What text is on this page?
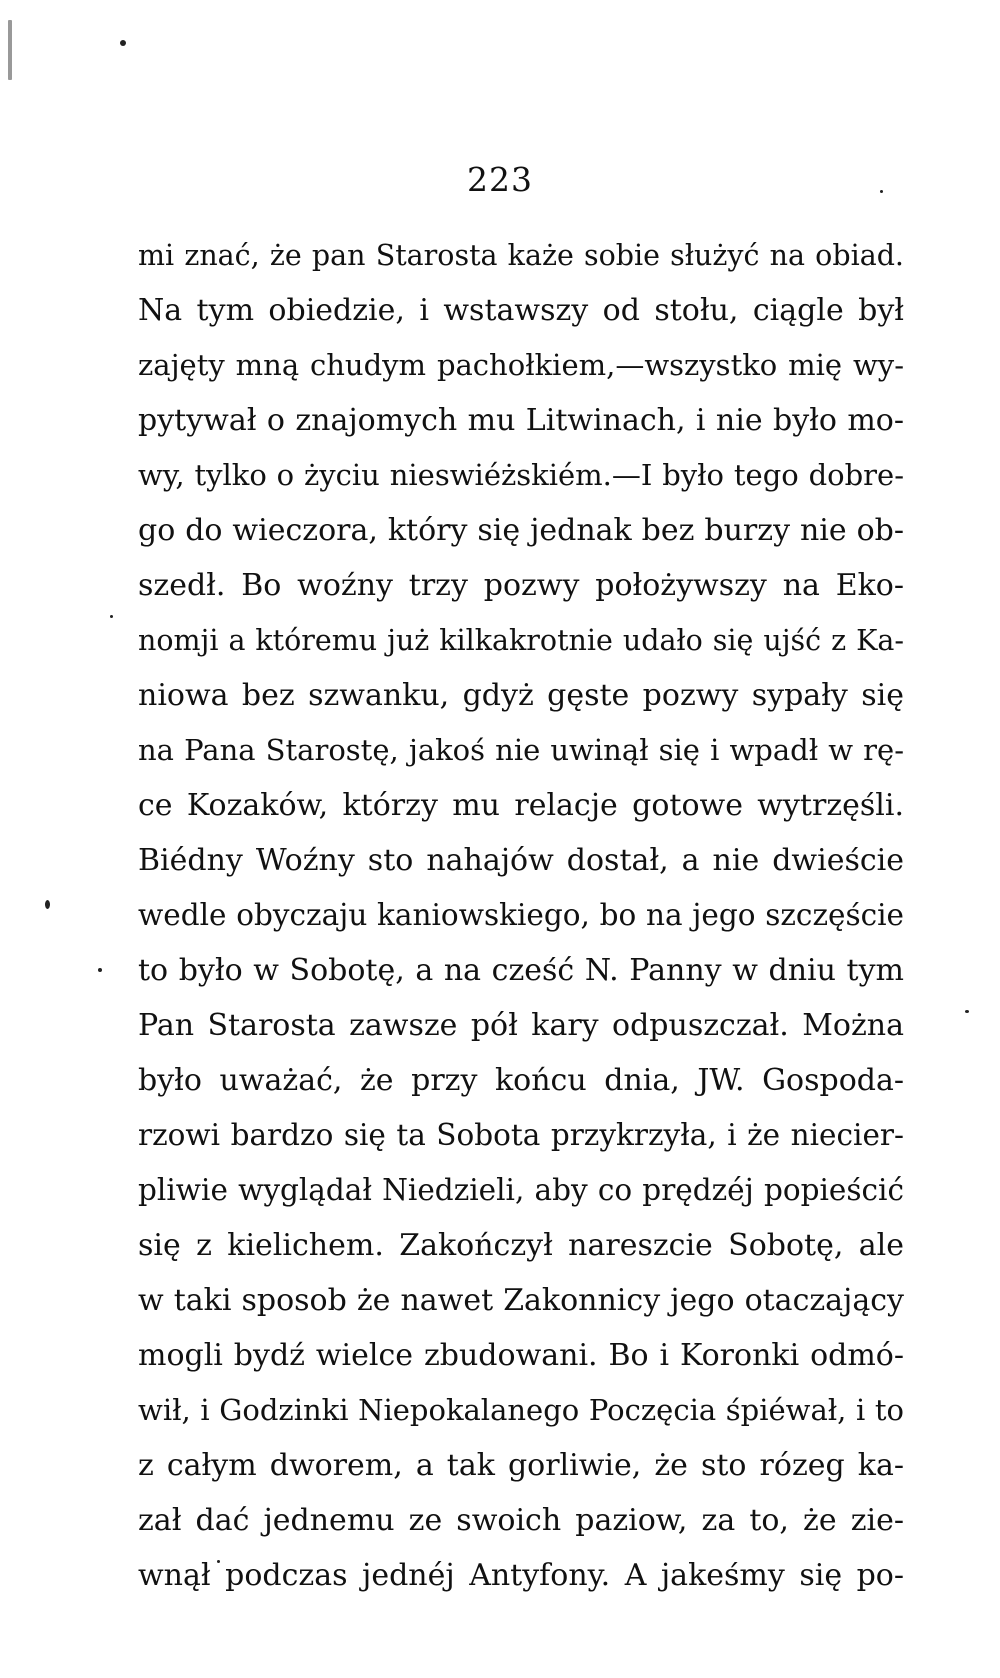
223
mi znać, że pan Starosta każe sobie służyć na obiad.
Na tym obiedzie, i wstawszy od stołu, ciągle był
zajęty mną chudym pachołkiem,—wszystko mię wy-
pytywał o znajomych mu Litwinach, i nie było mo-
wy, tylko o życiu nieswiéżskiém.—I było tego dobre-
go do wieczora, który się jednak bez burzy nie ob-
szedł. Bo woźny trzy pozwy położywszy na Eko-
nomji a któremu już kilkakrotnie udało się ujść z Ka-
niowa bez szwanku, gdyż gęste pozwy sypały się
na Pana Starostę, jakoś nie uwinął się i wpadł w rę-
ce Kozaków, którzy mu relacje gotowe wytrzęśli.
Biédny Woźny sto nahajów dostał, a nie dwieście
wedle obyczaju kaniowskiego, bo na jego szczęście
to było w Sobotę, a na cześć N. Panny w dniu tym
Pan Starosta zawsze pół kary odpuszczał. Można
było uważać, że przy końcu dnia, JW. Gospoda-
rzowi bardzo się ta Sobota przykrzyła, i że niecier-
pliwie wyglądał Niedzieli, aby co prędzéj popieścić
się z kielichem. Zakończył nareszcie Sobotę, ale
w taki sposob że nawet Zakonnicy jego otaczający
mogli bydź wielce zbudowani. Bo i Koronki odmó-
wił, i Godzinki Niepokalanego Poczęcia śpiéwał, i to
z całym dworem, a tak gorliwie, że sto rózeg ka-
zał dać jednemu ze swoich paziow, za to, że zie-
wnął podczas jednéj Antyfony. A jakeśmy się po-
